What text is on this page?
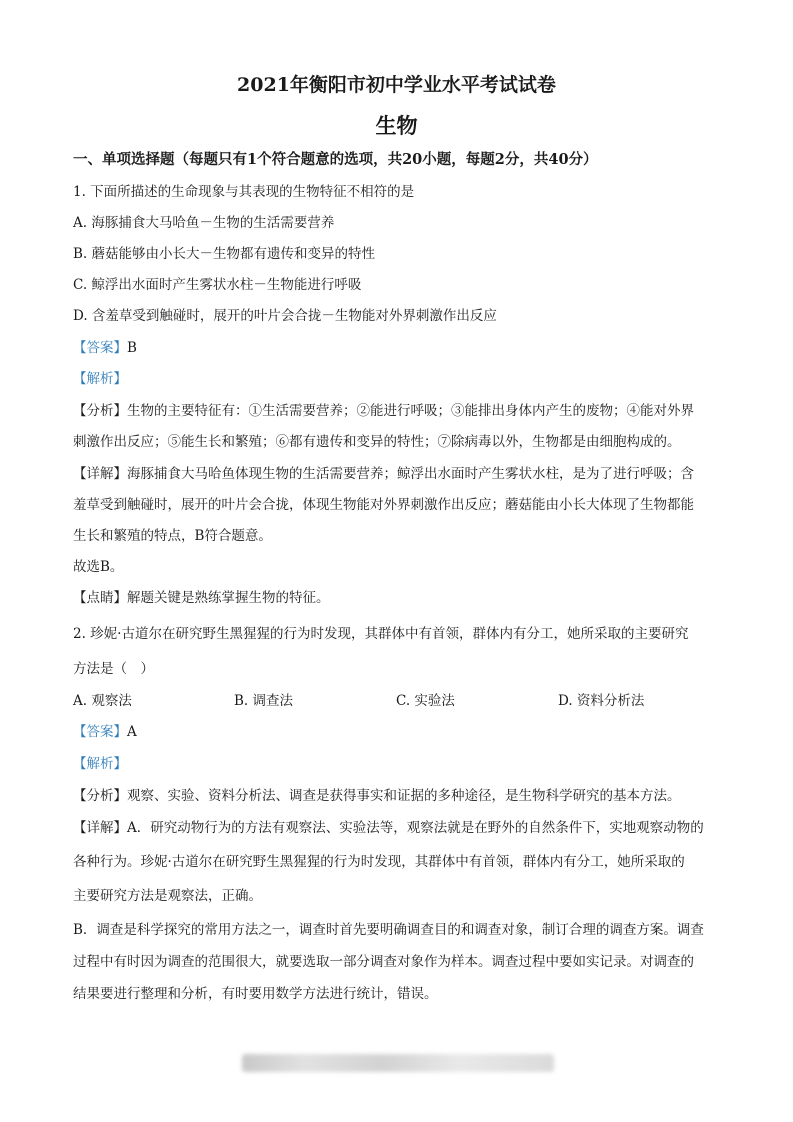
2021年衡阳市初中学业水平考试试卷
生物
一、单项选择题（每题只有1个符合题意的选项，共20小题，每题2分，共40分）
1. 下面所描述的生命现象与其表现的生物特征不相符的是
A. 海豚捕食大马哈鱼－生物的生活需要营养
B. 蘑菇能够由小长大－生物都有遗传和变异的特性
C. 鲸浮出水面时产生雾状水柱－生物能进行呼吸
D. 含羞草受到触碰时，展开的叶片会合拢－生物能对外界刺激作出反应
【答案】B
【解析】
【分析】生物的主要特征有：①生活需要营养；②能进行呼吸；③能排出身体内产生的废物；④能对外界
刺激作出反应；⑤能生长和繁殖；⑥都有遗传和变异的特性；⑦除病毒以外，生物都是由细胞构成的。
【详解】海豚捕食大马哈鱼体现生物的生活需要营养；鲸浮出水面时产生雾状水柱，是为了进行呼吸；含
羞草受到触碰时，展开的叶片会合拢，体现生物能对外界刺激作出反应；蘑菇能由小长大体现了生物都能
生长和繁殖的特点，B符合题意。
故选B。
【点睛】解题关键是熟练掌握生物的特征。
2. 珍妮·古道尔在研究野生黑猩猩的行为时发现，其群体中有首领，群体内有分工，她所采取的主要研究
方法是（　）
A. 观察法	B. 调查法	C. 实验法	D. 资料分析法
【答案】A
【解析】
【分析】观察、实验、资料分析法、调查是获得事实和证据的多种途径，是生物科学研究的基本方法。
【详解】A．研究动物行为的方法有观察法、实验法等，观察法就是在野外的自然条件下，实地观察动物的
各种行为。珍妮·古道尔在研究野生黑猩猩的行为时发现，其群体中有首领，群体内有分工，她所采取的
主要研究方法是观察法，正确。
B．调查是科学探究的常用方法之一，调查时首先要明确调查目的和调查对象，制订合理的调查方案。调查
过程中有时因为调查的范围很大，就要选取一部分调查对象作为样本。调查过程中要如实记录。对调查的
结果要进行整理和分析，有时要用数学方法进行统计，错误。
